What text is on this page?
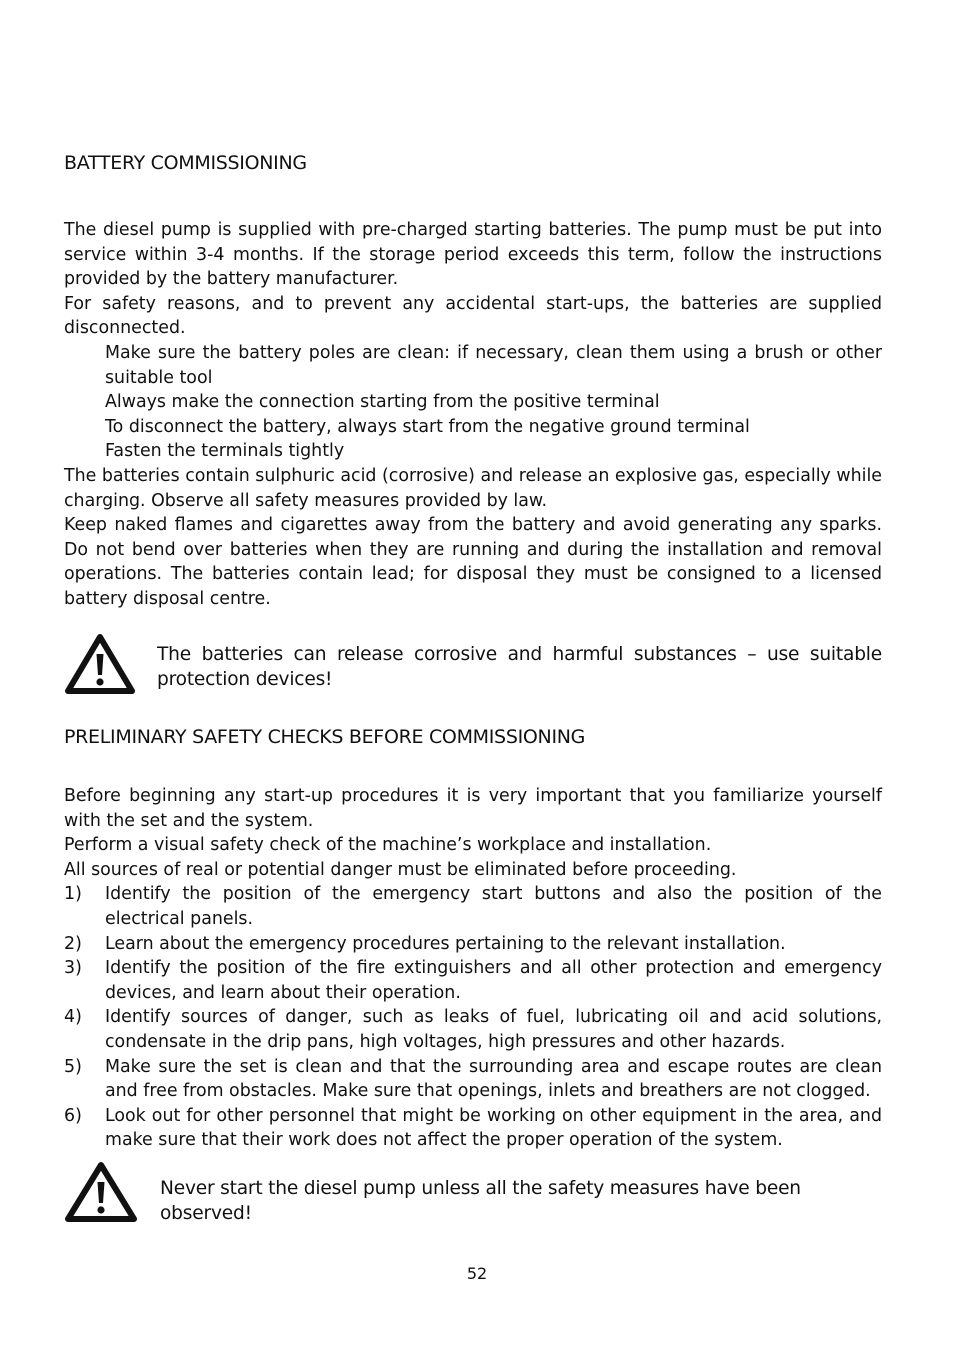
BATTERY COMMISSIONING

The diesel pump is supplied with pre-charged starting batteries. The pump must be put into service within 3-4 months. If the storage period exceeds this term, follow the instructions provided by the battery manufacturer.

For safety reasons, and to prevent any accidental start-ups, the batteries are supplied disconnected.

Make sure the battery poles are clean: if necessary, clean them using a brush or other suitable tool
Always make the connection starting from the positive terminal
To disconnect the battery, always start from the negative ground terminal
Fasten the terminals tightly

The batteries contain sulphuric acid (corrosive) and release an explosive gas, especially while charging. Observe all safety measures provided by law.

Keep naked flames and cigarettes away from the battery and avoid generating any sparks. Do not bend over batteries when they are running and during the installation and removal operations. The batteries contain lead; for disposal they must be consigned to a licensed battery disposal centre.

The batteries can release corrosive and harmful substances – use suitable protection devices!
PRELIMINARY SAFETY CHECKS BEFORE COMMISSIONING

Before beginning any start-up procedures it is very important that you familiarize yourself with the set and the system.

Perform a visual safety check of the machine’s workplace and installation.

All sources of real or potential danger must be eliminated before proceeding.

1)	Identify the position of the emergency start buttons and also the position of the electrical panels.
2)	Learn about the emergency procedures pertaining to the relevant installation.
3)	Identify the position of the fire extinguishers and all other protection and emergency devices, and learn about their operation.
4)	Identify sources of danger, such as leaks of fuel, lubricating oil and acid solutions, condensate in the drip pans, high voltages, high pressures and other hazards.
5)	Make sure the set is clean and that the surrounding area and escape routes are clean and free from obstacles. Make sure that openings, inlets and breathers are not clogged.
6)	Look out for other personnel that might be working on other equipment in the area, and make sure that their work does not affect the proper operation of the system.
Never start the diesel pump unless all the safety measures have been observed!
52
